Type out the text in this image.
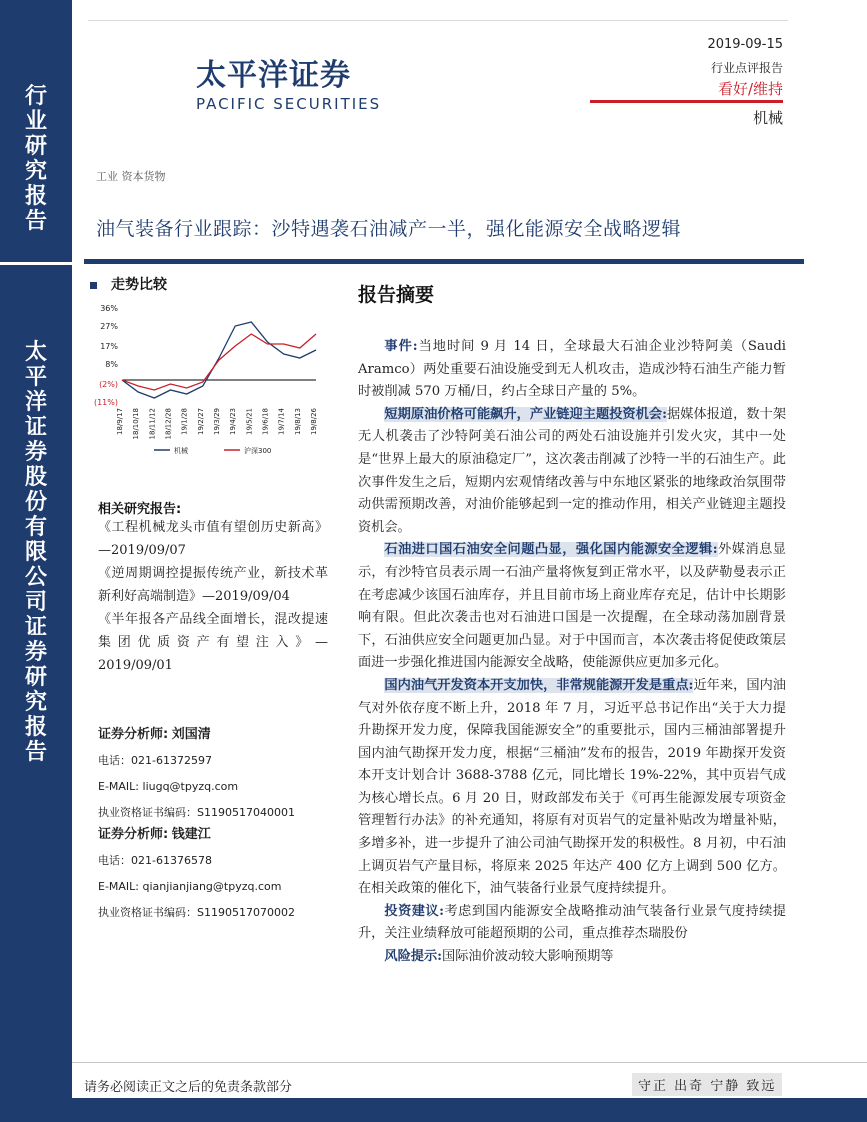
行
业
研
究
报
告
太
平
洋
证
券
股
份
有
限
公
司
证
券
研
究
报
告
太平洋证券
PACIFIC SECURITIES
2019-09-15
行业点评报告
看好/维持
机械
工业 资本货物
油气装备行业跟踪：沙特遇袭石油减产一半，强化能源安全战略逻辑
走势比较
36%
27%
17%
8%
(2%)
(11%)
18/9/17 18/10/18 18/11/12 18/12/28 19/1/28 19/2/27 19/3/29 19/4/23 19/5/21 19/6/18 19/7/14 19/8/13 19/8/26
机械	沪深300
相关研究报告:
《工程机械龙头市值有望创历史新高》—2019/09/07
《逆周期调控提振传统产业，新技术革新利好高端制造》—2019/09/04
《半年报各产品线全面增长，混改提速集团优质资产有望注入》—2019/09/01
证券分析师: 刘国清
电话：021-61372597
E-MAIL: liugq@tpyzq.com
执业资格证书编码：S1190517040001
证券分析师: 钱建江
电话：021-61376578
E-MAIL: qianjianjiang@tpyzq.com
执业资格证书编码：S1190517070002
报告摘要

事件:当地时间 9 月 14 日，全球最大石油企业沙特阿美（Saudi Aramco）两处重要石油设施受到无人机攻击，造成沙特石油生产能力暂时被削减 570 万桶/日，约占全球日产量的 5%。

短期原油价格可能飙升，产业链迎主题投资机会:据媒体报道，数十架无人机袭击了沙特阿美石油公司的两处石油设施并引发火灾，其中一处是“世界上最大的原油稳定厂”，这次袭击削减了沙特一半的石油生产。此次事件发生之后，短期内宏观情绪改善与中东地区紧张的地缘政治氛围带动供需预期改善，对油价能够起到一定的推动作用，相关产业链迎主题投资机会。

石油进口国石油安全问题凸显，强化国内能源安全逻辑:外媒消息显示，有沙特官员表示周一石油产量将恢复到正常水平，以及萨勒曼表示正在考虑减少该国石油库存，并且目前市场上商业库存充足，估计中长期影响有限。但此次袭击也对石油进口国是一次提醒，在全球动荡加剧背景下，石油供应安全问题更加凸显。对于中国而言，本次袭击将促使政策层面进一步强化推进国内能源安全战略，使能源供应更加多元化。

国内油气开发资本开支加快，非常规能源开发是重点:近年来，国内油气对外依存度不断上升，2018 年 7 月，习近平总书记作出“关于大力提升勘探开发力度，保障我国能源安全”的重要批示，国内三桶油部署提升国内油气勘探开发力度，根据“三桶油”发布的报告，2019 年勘探开发资本开支计划合计 3688-3788 亿元，同比增长 19%-22%，其中页岩气成为核心增长点。6 月 20 日，财政部发布关于《可再生能源发展专项资金管理暂行办法》的补充通知，将原有对页岩气的定量补贴改为增量补贴，多增多补，进一步提升了油公司油气勘探开发的积极性。8 月初，中石油上调页岩气产量目标，将原来 2025 年达产 400 亿方上调到 500 亿方。在相关政策的催化下，油气装备行业景气度持续提升。

投资建议:考虑到国内能源安全战略推动油气装备行业景气度持续提升，关注业绩释放可能超预期的公司，重点推荐杰瑞股份

风险提示:国际油价波动较大影响预期等

请务必阅读正文之后的免责条款部分	守正 出奇 宁静 致远
